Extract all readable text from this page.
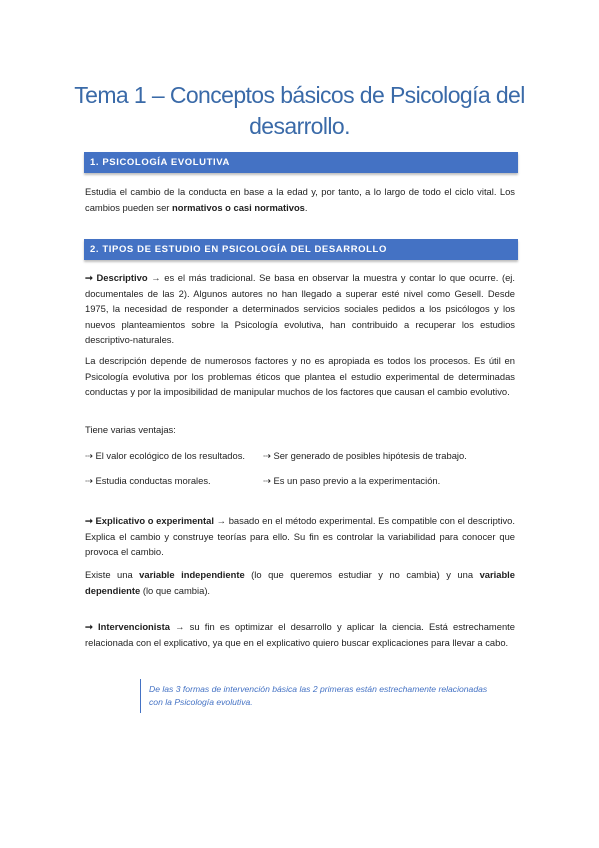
Tema 1 – Conceptos básicos de Psicología del desarrollo.
1. PSICOLOGÍA EVOLUTIVA

Estudia el cambio de la conducta en base a la edad y, por tanto, a lo largo de todo el ciclo vital. Los cambios pueden ser normativos o casi normativos.

2. TIPOS DE ESTUDIO EN PSICOLOGÍA DEL DESARROLLO

➞ Descriptivo → es el más tradicional. Se basa en observar la muestra y contar lo que ocurre. (ej. documentales de las 2). Algunos autores no han llegado a superar esté nivel como Gesell. Desde 1975, la necesidad de responder a determinados servicios sociales pedidos a los psicólogos y los nuevos planteamientos sobre la Psicología evolutiva, han contribuido a recuperar los estudios descriptivo-naturales.

La descripción depende de numerosos factores y no es apropiada es todos los procesos. Es útil en Psicología evolutiva por los problemas éticos que plantea el estudio experimental de determinadas conductas y por la imposibilidad de manipular muchos de los factores que causan el cambio evolutivo.

Tiene varias ventajas:
⇢ El valor ecológico de los resultados. ⇢ Ser generado de posibles hipótesis de trabajo.
⇢ Estudia conductas morales.	⇢ Es un paso previo a la experimentación.

➞ Explicativo o experimental → basado en el método experimental. Es compatible con el descriptivo. Explica el cambio y construye teorías para ello. Su fin es controlar la variabilidad para conocer que provoca el cambio.

Existe una variable independiente (lo que queremos estudiar y no cambia) y una variable dependiente (lo que cambia).

➞ Intervencionista → su fin es optimizar el desarrollo y aplicar la ciencia. Está estrechamente relacionada con el explicativo, ya que en el explicativo quiero buscar explicaciones para llevar a cabo.

De las 3 formas de intervención básica las 2 primeras están estrechamente relacionadas con la Psicología evolutiva.
